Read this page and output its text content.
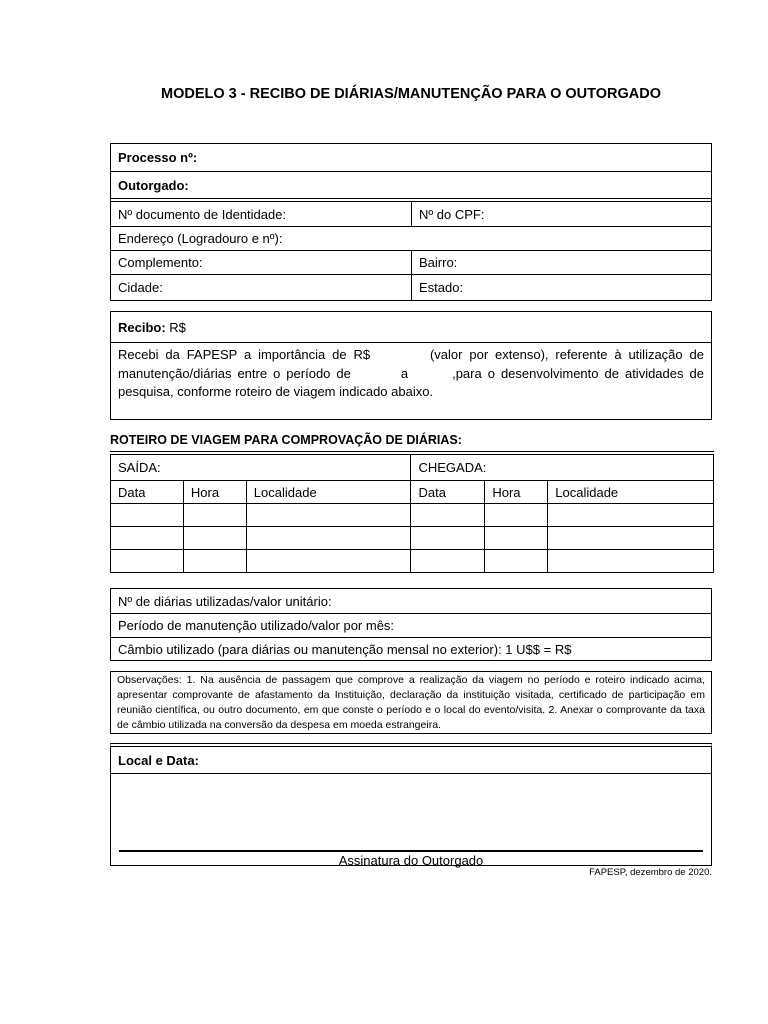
MODELO 3 - RECIBO DE DIÁRIAS/MANUTENÇÃO PARA O OUTORGADO
Processo nº:
Outorgado:
Nº documento de Identidade:	Nº do CPF:
Endereço (Logradouro e nº):
Complemento:	Bairro:
Cidade:	Estado:
Recibo:
R$
Recebi da FAPESP a importância de R$	(valor por extenso), referente à utilização de manutenção/diárias entre o período de	a	,para o desenvolvimento de atividades de pesquisa, conforme roteiro de viagem indicado abaixo.
ROTEIRO DE VIAGEM PARA COMPROVAÇÃO DE DIÁRIAS:
SAÍDA:			CHEGADA:		
Data	Hora	Localidade	Data	Hora	Localidade

Nº de diárias utilizadas/valor unitário:
Período de manutenção utilizado/valor por mês:
Câmbio utilizado (para diárias ou manutenção mensal no exterior): 1 U$$ = R$
Observações: 1. Na ausência de passagem que comprove a realização da viagem no período e roteiro indicado acima, apresentar comprovante de afastamento da Instituição, declaração da instituição visitada, certificado de participação em reunião científica, ou outro documento, em que conste o período e o local do evento/visita. 2. Anexar o comprovante da taxa de câmbio utilizada na conversão da despesa em moeda estrangeira.
Local e Data:
Assinatura do Outorgado
FAPESP, dezembro de 2020.
